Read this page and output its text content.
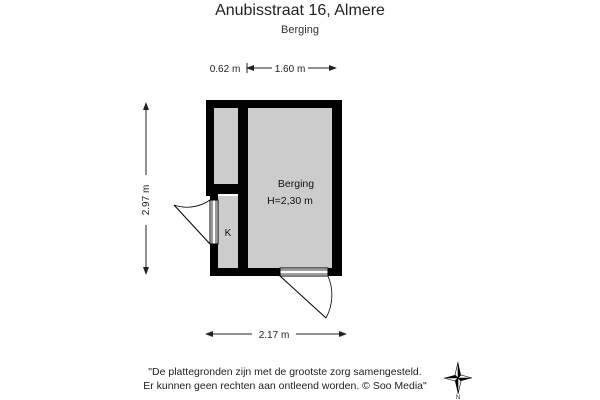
Anubisstraat 16, Almere
Berging
0.62 m	1.60 m
2.97 m
2.17 m
Berging
H=2,30 m
K
N
"De plattegronden zijn met de grootste zorg samengesteld.
Er kunnen geen rechten aan ontleend worden. © Soo Media"
